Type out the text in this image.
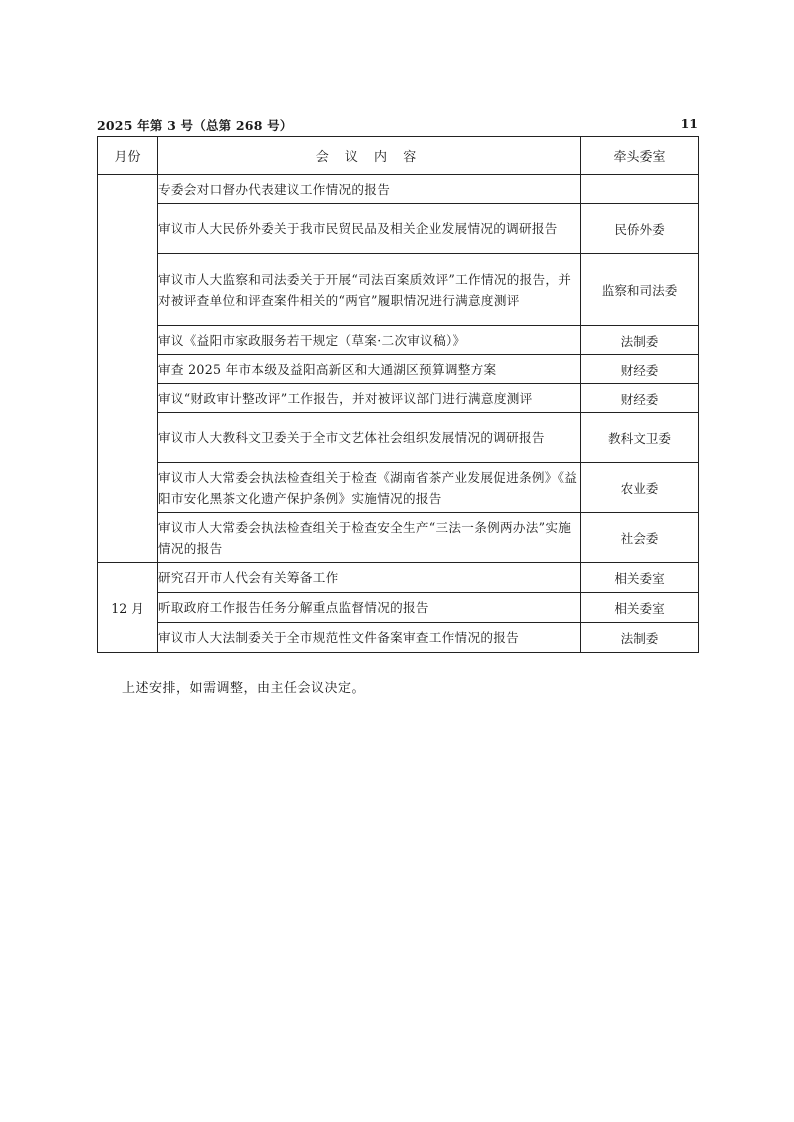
2025 年第 3 号（总第 268 号）	11
月份	会 议 内 容	牵头委室
	专委会对口督办代表建议工作情况的报告	
	审议市人大民侨外委关于我市民贸民品及相关企业发展情况的调研报告	民侨外委
	审议市人大监察和司法委关于开展“司法百案质效评”工作情况的报告，并对被评查单位和评查案件相关的“两官”履职情况进行满意度测评	监察和司法委
	审议《益阳市家政服务若干规定（草案·二次审议稿）》	法制委
	审查 2025 年市本级及益阳高新区和大通湖区预算调整方案	财经委
	审议“财政审计整改评”工作报告，并对被评议部门进行满意度测评	财经委
	审议市人大教科文卫委关于全市文艺体社会组织发展情况的调研报告	教科文卫委
	审议市人大常委会执法检查组关于检查《湖南省茶产业发展促进条例》《益阳市安化黑茶文化遗产保护条例》实施情况的报告	农业委
	审议市人大常委会执法检查组关于检查安全生产“三法一条例两办法”实施情况的报告	社会委
12 月	研究召开市人代会有关筹备工作	相关委室
	听取政府工作报告任务分解重点监督情况的报告	相关委室
	审议市人大法制委关于全市规范性文件备案审查工作情况的报告	法制委
上述安排，如需调整，由主任会议决定。
